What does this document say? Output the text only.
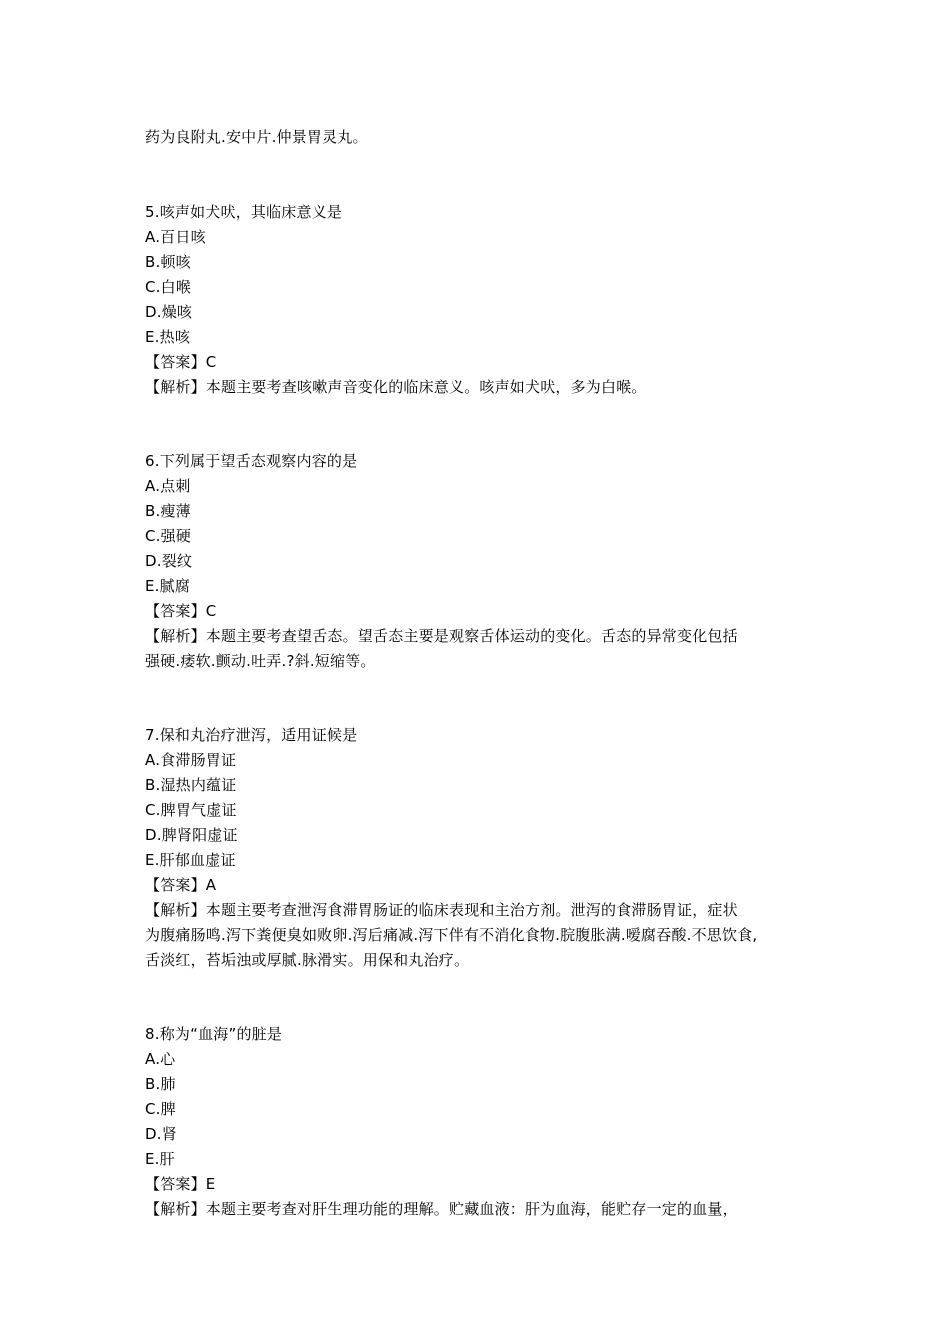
药为良附丸.安中片.仲景胃灵丸。
5.咳声如犬吠，其临床意义是
A.百日咳
B.顿咳
C.白喉
D.燥咳
E.热咳
【答案】C
【解析】本题主要考查咳嗽声音变化的临床意义。咳声如犬吠，多为白喉。
6.下列属于望舌态观察内容的是
A.点刺
B.瘦薄
C.强硬
D.裂纹
E.腻腐
【答案】C
【解析】本题主要考查望舌态。望舌态主要是观察舌体运动的变化。舌态的异常变化包括
强硬.痿软.颤动.吐弄.?斜.短缩等。
7.保和丸治疗泄泻，适用证候是
A.食滞肠胃证
B.湿热内蕴证
C.脾胃气虚证
D.脾肾阳虚证
E.肝郁血虚证
【答案】A
【解析】本题主要考查泄泻食滞胃肠证的临床表现和主治方剂。泄泻的食滞肠胃证，症状
为腹痛肠鸣.泻下粪便臭如败卵.泻后痛减.泻下伴有不消化食物.脘腹胀满.嗳腐吞酸.不思饮食,
舌淡红，苔垢浊或厚腻.脉滑实。用保和丸治疗。
8.称为“血海”的脏是
A.心
B.肺
C.脾
D.肾
E.肝
【答案】E
【解析】本题主要考查对肝生理功能的理解。贮藏血液：肝为血海，能贮存一定的血量，
